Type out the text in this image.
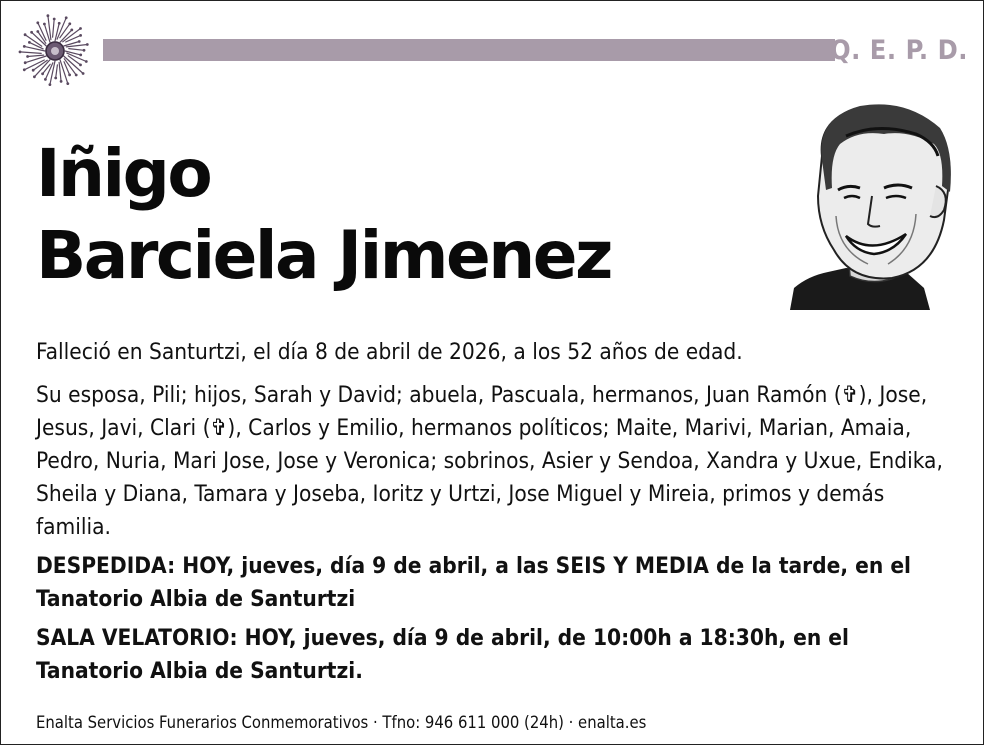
Q. E. P. D.
Iñigo
Barciela Jimenez

Falleció en Santurtzi, el día 8 de abril de 2026, a los 52 años de edad.

Su esposa, Pili; hijos, Sarah y David; abuela, Pascuala, hermanos, Juan Ramón (✞), Jose, Jesus, Javi, Clari (✞), Carlos y Emilio, hermanos políticos; Maite, Marivi, Marian, Amaia, Pedro, Nuria, Mari Jose, Jose y Veronica; sobrinos, Asier y Sendoa, Xandra y Uxue, Endika, Sheila y Diana, Tamara y Joseba, Ioritz y Urtzi, Jose Miguel y Mireia, primos y demás familia.

DESPEDIDA: HOY, jueves, día 9 de abril, a las SEIS Y MEDIA de la tarde, en el Tanatorio Albia de Santurtzi

SALA VELATORIO: HOY, jueves, día 9 de abril, de 10:00h a 18:30h, en el Tanatorio Albia de Santurtzi.

Enalta Servicios Funerarios Conmemorativos · Tfno: 946 611 000 (24h) · enalta.es
